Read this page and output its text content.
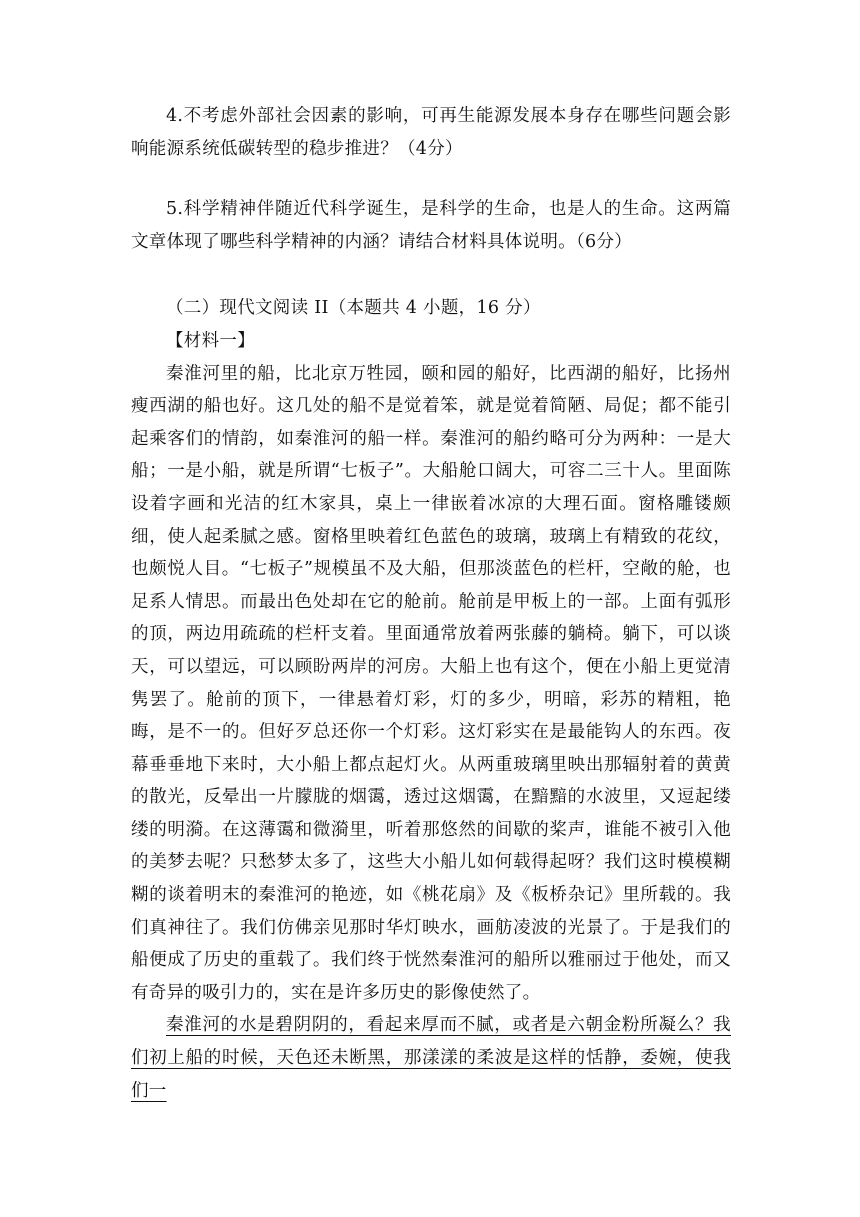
4.不考虑外部社会因素的影响，可再生能源发展本身存在哪些问题会影响能源系统低碳转型的稳步推进？（4分）

5.科学精神伴随近代科学诞生，是科学的生命，也是人的生命。这两篇文章体现了哪些科学精神的内涵？请结合材料具体说明。（6分）

（二）现代文阅读 II（本题共 4 小题，16 分）

【材料一】

秦淮河里的船，比北京万牲园，颐和园的船好，比西湖的船好，比扬州瘦西湖的船也好。这几处的船不是觉着笨，就是觉着简陋、局促；都不能引起乘客们的情韵，如秦淮河的船一样。秦淮河的船约略可分为两种：一是大船；一是小船，就是所谓“七板子”。大船舱口阔大，可容二三十人。里面陈设着字画和光洁的红木家具，桌上一律嵌着冰凉的大理石面。窗格雕镂颇细，使人起柔腻之感。窗格里映着红色蓝色的玻璃，玻璃上有精致的花纹，也颇悦人目。“七板子”规模虽不及大船，但那淡蓝色的栏杆，空敞的舱，也足系人情思。而最出色处却在它的舱前。舱前是甲板上的一部。上面有弧形的顶，两边用疏疏的栏杆支着。里面通常放着两张藤的躺椅。躺下，可以谈天，可以望远，可以顾盼两岸的河房。大船上也有这个，便在小船上更觉清隽罢了。舱前的顶下，一律悬着灯彩，灯的多少，明暗，彩苏的精粗，艳晦，是不一的。但好歹总还你一个灯彩。这灯彩实在是最能钩人的东西。夜幕垂垂地下来时，大小船上都点起灯火。从两重玻璃里映出那辐射着的黄黄的散光，反晕出一片朦胧的烟霭，透过这烟霭，在黯黯的水波里，又逗起缕缕的明漪。在这薄霭和微漪里，听着那悠然的间歇的桨声，谁能不被引入他的美梦去呢？只愁梦太多了，这些大小船儿如何载得起呀？我们这时模模糊糊的谈着明末的秦淮河的艳迹，如《桃花扇》及《板桥杂记》里所载的。我们真神往了。我们仿佛亲见那时华灯映水，画舫凌波的光景了。于是我们的船便成了历史的重载了。我们终于恍然秦淮河的船所以雅丽过于他处，而又有奇异的吸引力的，实在是许多历史的影像使然了。

秦淮河的水是碧阴阴的，看起来厚而不腻，或者是六朝金粉所凝么？我们初上船的时候，天色还未断黑，那漾漾的柔波是这样的恬静，委婉，使我们一
